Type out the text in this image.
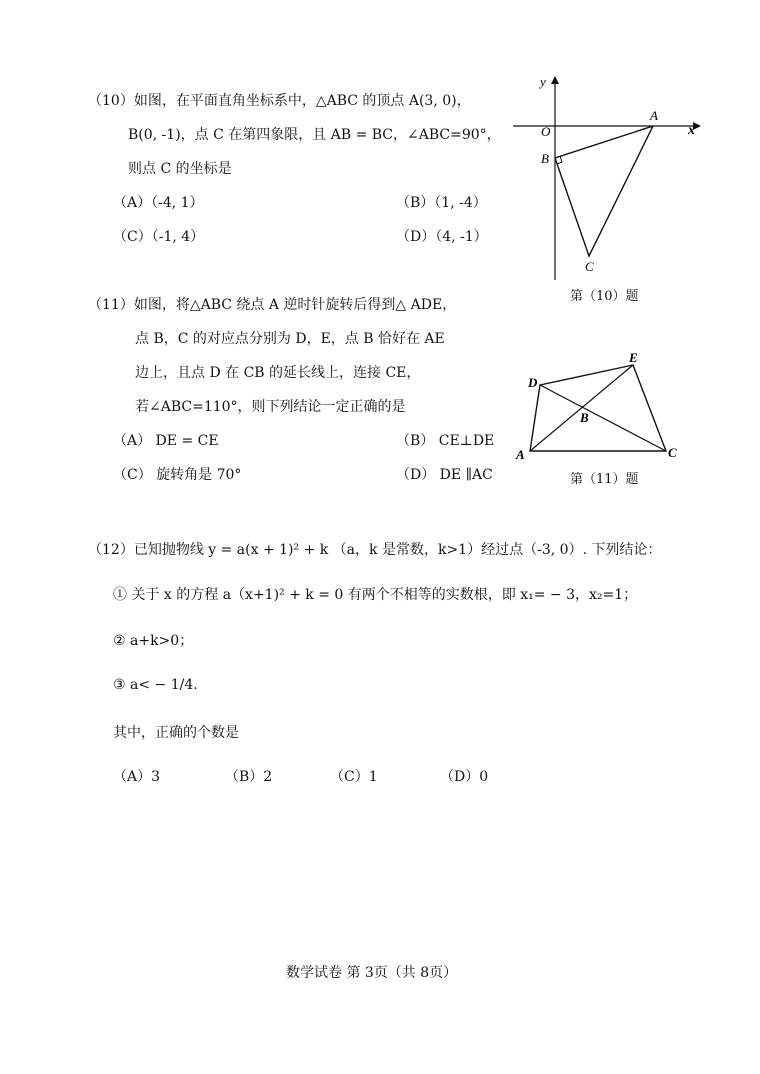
（10）如图，在平面直角坐标系中，△ABC 的顶点 A(3, 0)，
B(0, -1)，点 C 在第四象限，且 AB = BC，∠ABC=90°，
则点 C 的坐标是
（A）（-4, 1）	（B）（1, -4）
（C）（-1, 4）	（D）（4, -1）
y
x
O
A
B
C
第（10）题
（11）如图，将△ABC 绕点 A 逆时针旋转后得到△ ADE，
点 B，C 的对应点分别为 D，E，点 B 恰好在 AE
边上，且点 D 在 CB 的延长线上，连接 CE，
若∠ABC=110°，则下列结论一定正确的是
（A） DE = CE	（B） CE⊥DE
（C） 旋转角是 70°	（D） DE ∥AC
D
E
B
A	C
第（11）题
（12）已知抛物线 y = a(x + 1)² + k （a，k 是常数，k>1）经过点（-3, 0）. 下列结论：
① 关于 x 的方程 a（x+1)² + k = 0 有两个不相等的实数根，即 x₁= − 3，x₂=1；
② a+k>0；
③ a< − 1/4.
其中，正确的个数是
（A）3	（B）2	（C）1	（D）0
数学试卷 第 3页（共 8页）
